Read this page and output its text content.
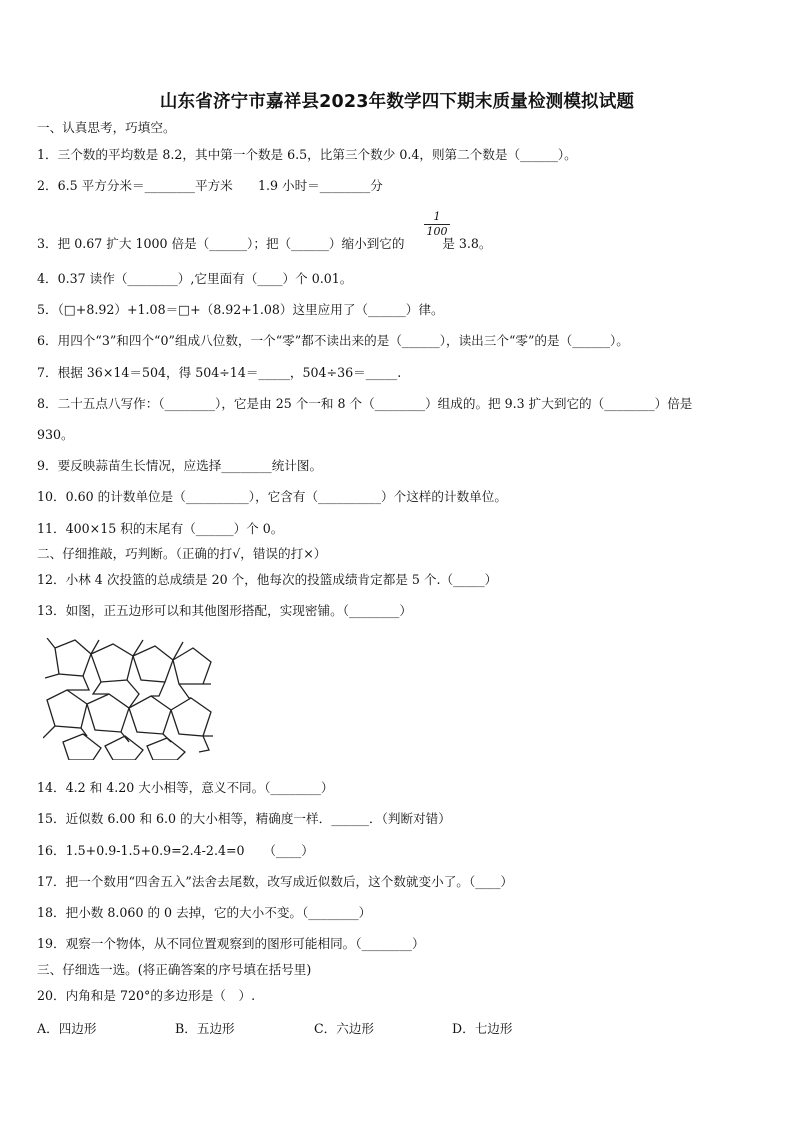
山东省济宁市嘉祥县2023年数学四下期末质量检测模拟试题
一、认真思考，巧填空。
1．三个数的平均数是 8.2，其中第一个数是 6.5，比第三个数少 0.4，则第二个数是（______）。
2．6.5 平方分米＝________平方米　　1.9 小时＝________分
3．把 0.67 扩大 1000 倍是（______）；把（______）缩小到它的　　　是 3.8。
$\frac{1}{100}$
4．0.37 读作（________）,它里面有（____）个 0.01。
5．（□+8.92）+1.08＝□+（8.92+1.08）这里应用了（______）律。
6．用四个“3”和四个“0”组成八位数，一个“零”都不读出来的是（______），读出三个“零”的是（______）。
7．根据 36×14＝504，得 504÷14＝_____，504÷36＝_____.
8．二十五点八写作：（________），它是由 25 个一和 8 个（________）组成的。把 9.3 扩大到它的（________）倍是
930。
9．要反映蒜苗生长情况，应选择________统计图。
10．0.60 的计数单位是（__________），它含有（__________）个这样的计数单位。
11．400×15 积的末尾有（______）个 0。
二、仔细推敲，巧判断。（正确的打√，错误的打×）
12．小林 4 次投篮的总成绩是 20 个，他每次的投篮成绩肯定都是 5 个.（_____）
13．如图，正五边形可以和其他图形搭配，实现密铺。（________）
14．4.2 和 4.20 大小相等，意义不同。（________）
15．近似数 6.00 和 6.0 的大小相等，精确度一样．______．（判断对错）
16．1.5+0.9-1.5+0.9=2.4-2.4=0　　（____）
17．把一个数用“四舍五入”法舍去尾数，改写成近似数后，这个数就变小了。（____）
18．把小数 8.060 的 0 去掉，它的大小不变。（________）
19．观察一个物体，从不同位置观察到的图形可能相同。（________）
三、仔细选一选。(将正确答案的序号填在括号里)
20．内角和是 720°的多边形是（　）.
A．四边形	B．五边形	C．六边形	D．七边形
